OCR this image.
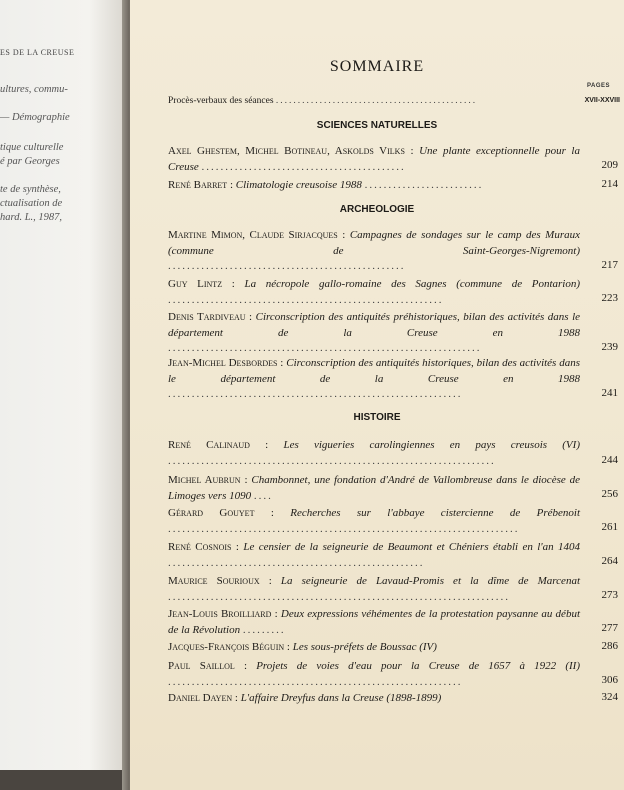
ES DE LA CREUSE
ultures, commu-
— Démographie
tique culturelle
é par Georges
te de synthèse,
ctualisation de
hard. L., 1987,
SOMMAIRE
PAGES
Procès-verbaux des séances ..............................................	XVII-XXVIII
SCIENCES NATURELLES
Axel Ghestem, Michel Botineau, Askolds Vilks : Une plante exceptionnelle pour la Creuse ...........................................	209
René Barret : Climatologie creusoise 1988 .........................	214
ARCHEOLOGIE
Martine Mimon, Claude Sirjacques : Campagnes de sondages sur le camp des Muraux (commune de Saint-Georges-Nigremont) ..................................................	217
Guy Lintz : La nécropole gallo-romaine des Sagnes (commune de Pontarion) ..........................................................	223
Denis Tardiveau : Circonscription des antiquités préhistoriques, bilan des activités dans le département de la Creuse en 1988 ..................................................................	239
Jean-Michel Desbordes : Circonscription des antiquités historiques, bilan des activités dans le département de la Creuse en 1988 ..............................................................	241
HISTOIRE
René Calinaud : Les vigueries carolingiennes en pays creusois (VI) .....................................................................	244
Michel Aubrun : Chambonnet, une fondation d'André de Vallombreuse dans le diocèse de Limoges vers 1090 ....	256
Gérard Gouyet : Recherches sur l'abbaye cistercienne de Prébenoit ..........................................................................	261
René Cosnois : Le censier de la seigneurie de Beaumont et Chéniers établi en l'an 1404 ......................................................	264
Maurice Sourioux : La seigneurie de Lavaud-Promis et la dîme de Marcenat ........................................................................	273
Jean-Louis Broilliard : Deux expressions véhémentes de la protestation paysanne au début de la Révolution .........	277
Jacques-François Béguin : Les sous-préfets de Boussac (IV)	286
Paul Saillol : Projets de voies d'eau pour la Creuse de 1657 à 1922 (II) ..............................................................	306
Daniel Dayen : L'affaire Dreyfus dans la Creuse (1898-1899)	324
